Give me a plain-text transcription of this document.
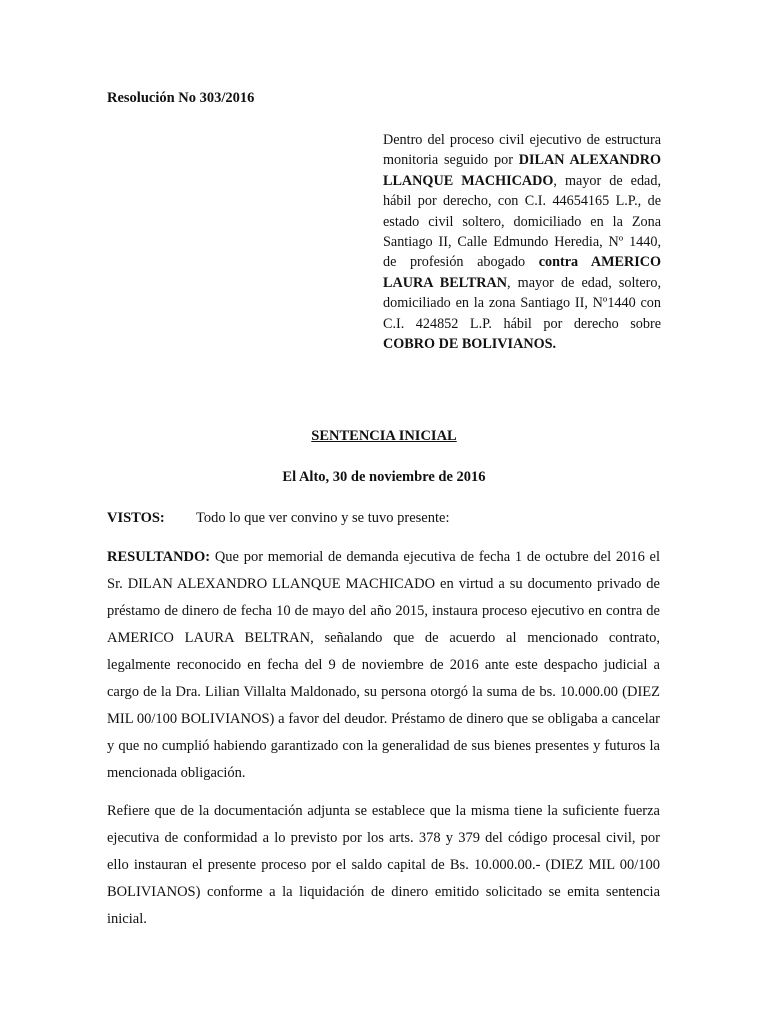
Resolución No 303/2016
Dentro del proceso civil ejecutivo de estructura monitoria seguido por DILAN ALEXANDRO LLANQUE MACHICADO, mayor de edad, hábil por derecho, con C.I. 44654165 L.P., de estado civil soltero, domiciliado en la Zona Santiago II, Calle Edmundo Heredia, Nº 1440, de profesión abogado contra AMERICO LAURA BELTRAN, mayor de edad, soltero, domiciliado en la zona Santiago II, Nº1440 con C.I. 424852 L.P. hábil por derecho sobre COBRO DE BOLIVIANOS.
SENTENCIA INICIAL
El Alto, 30 de noviembre de 2016
VISTOS: Todo lo que ver convino y se tuvo presente:
RESULTANDO: Que por memorial de demanda ejecutiva de fecha 1 de octubre del 2016 el Sr. DILAN ALEXANDRO LLANQUE MACHICADO en virtud a su documento privado de préstamo de dinero de fecha 10 de mayo del año 2015, instaura proceso ejecutivo en contra de AMERICO LAURA BELTRAN, señalando que de acuerdo al mencionado contrato, legalmente reconocido en fecha del 9 de noviembre de 2016 ante este despacho judicial a cargo de la Dra. Lilian Villalta Maldonado, su persona otorgó la suma de bs. 10.000.00 (DIEZ MIL 00/100 BOLIVIANOS) a favor del deudor. Préstamo de dinero que se obligaba a cancelar y que no cumplió habiendo garantizado con la generalidad de sus bienes presentes y futuros la mencionada obligación.
Refiere que de la documentación adjunta se establece que la misma tiene la suficiente fuerza ejecutiva de conformidad a lo previsto por los arts. 378 y 379 del código procesal civil, por ello instauran el presente proceso por el saldo capital de Bs. 10.000.00.- (DIEZ MIL 00/100 BOLIVIANOS) conforme a la liquidación de dinero emitido solicitado se emita sentencia inicial.
